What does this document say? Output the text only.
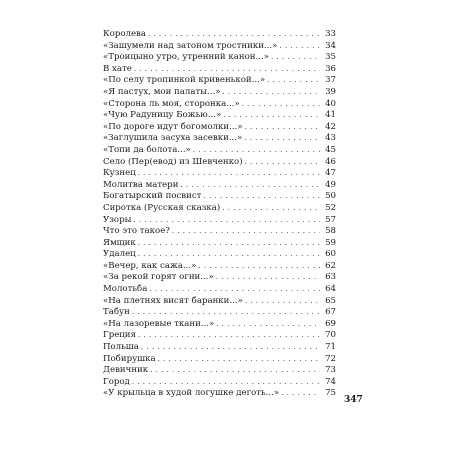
Королева . . .	33
«Зашумели над затоном тростники...» . . .	34
«Троицыно утро, утренний канон...» . . .	35
В хате . . .	36
«По селу тропинкой кривенькой...» . . .	37
«Я пастух, мои палаты...» . . .	39
«Сторона ль моя, сторонка...» . . .	40
«Чую Радуницу Божью...» . . .	41
«По дороге идут богомолки...» . . .	42
«Заглушила засуха засевки...» . . .	43
«Топи да болота...» . . .	45
Село (Пер(евод) из Шевченко) . . .	46
Кузнец . . .	47
Молитва матери . . .	49
Богатырский посвист . . .	50
Сиротка (Русская сказка) . . .	52
Узоры . . .	57
Что это такое? . . .	58
Ямщик . . .	59
Удалец . . .	60
«Вечер, как сажа...» . . .	62
«За рекой горят огни...» . . .	63
Молотьба . . .	64
«На плетнях висят баранки...» . . .	65
Табун . . .	67
«На лазоревые ткани...» . . .	69
Греция . . .	70
Польша . . .	71
Побирушка . . .	72
Девичник . . .	73
Город . . .	74
«У крыльца в худой логушке деготь...» . . .	75
347
